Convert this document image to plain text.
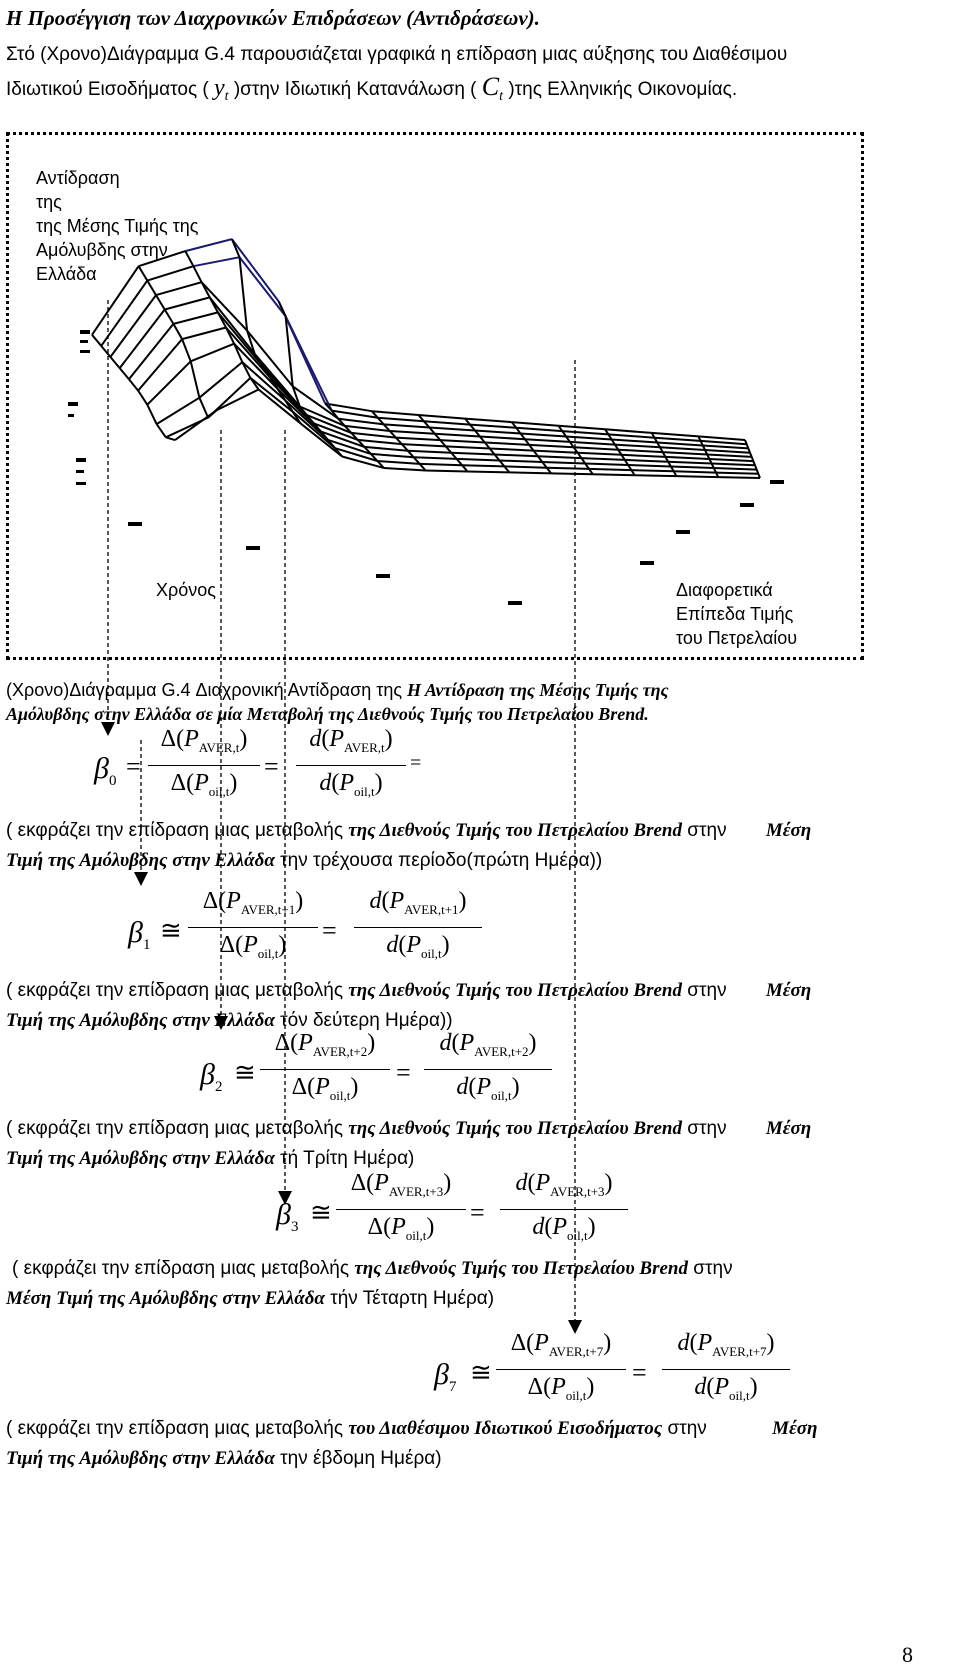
Η Προσέγγιση των Διαχρονικών Επιδράσεων (Αντιδράσεων).
Στό (Χρονο)Διάγραμμα G.4 παρουσιάζεται γραφικά η επίδραση μιας αύξησης του Διαθέσιμου
Ιδιωτικού Εισοδήματος ( $y_t$ )στην Ιδιωτική Κατανάλωση ( $C_t$ )της Ελληνικής Οικονομίας.
Αντίδραση
της
της Μέσης Τιμής της
Αμόλυβδης στην
Ελλάδα
Χρόνος	Διαφορετικά
Επίπεδα Τιμής
του Πετρελαίου
(Χρονο)Διάγραμμα G.4 Διαχρονική Αντίδραση της Η Αντίδραση της Μέσης Τιμής της
Αμόλυβδης στην Ελλάδα σε μία Μεταβολή της Διεθνούς Τιμής του Πετρελαίου Brend.
$\beta_0$ =
$\Delta(P_{AVER,t})$
$\Delta(P_{oil,t})$
=
$d(P_{AVER,t})$
$d(P_{oil,t})$
=
( εκφράζει την επίδραση μιας μεταβολής της Διεθνούς Τιμής του Πετρελαίου Brend στην Μέση
Τιμή της Αμόλυβδης στην Ελλάδα την τρέχουσα περίοδο(πρώτη Ημέρα))
$\beta_1$ ≅
$\Delta(P_{AVER,t+1})$
$\Delta(P_{oil,t})$	=
$d(P_{AVER,t+1})$
$d(P_{oil,t})$
( εκφράζει την επίδραση μιας μεταβολής της Διεθνούς Τιμής του Πετρελαίου Brend στην Μέση
Τιμή της Αμόλυβδης στην Ελλάδα τόν δεύτερη Ημέρα))
$\beta_2$ ≅
$\Delta(P_{AVER,t+2})$
$\Delta(P_{oil,t})$	=
$d(P_{AVER,t+2})$
$d(P_{oil,t})$
( εκφράζει την επίδραση μιας μεταβολής της Διεθνούς Τιμής του Πετρελαίου Brend στην Μέση
Τιμή της Αμόλυβδης στην Ελλάδα τή Τρίτη Ημέρα)
$\beta_3$ ≅
$\Delta(P_{AVER,t+3})$
$\Delta(P_{oil,t})$	=
$d(P_{AVER,t+3})$
$d(P_{oil,t})$
( εκφράζει την επίδραση μιας μεταβολής της Διεθνούς Τιμής του Πετρελαίου Brend στην
Μέση Τιμή της Αμόλυβδης στην Ελλάδα τήν Τέταρτη Ημέρα)
$\beta_7$ ≅
$\Delta(P_{AVER,t+7})$
$\Delta(P_{oil,t})$	=
$d(P_{AVER,t+7})$
$d(P_{oil,t})$
( εκφράζει την επίδραση μιας μεταβολής του Διαθέσιμου Ιδιωτικού Εισοδήματος στην	Μέση
Τιμή της Αμόλυβδης στην Ελλάδα την έβδομη Ημέρα)
8
